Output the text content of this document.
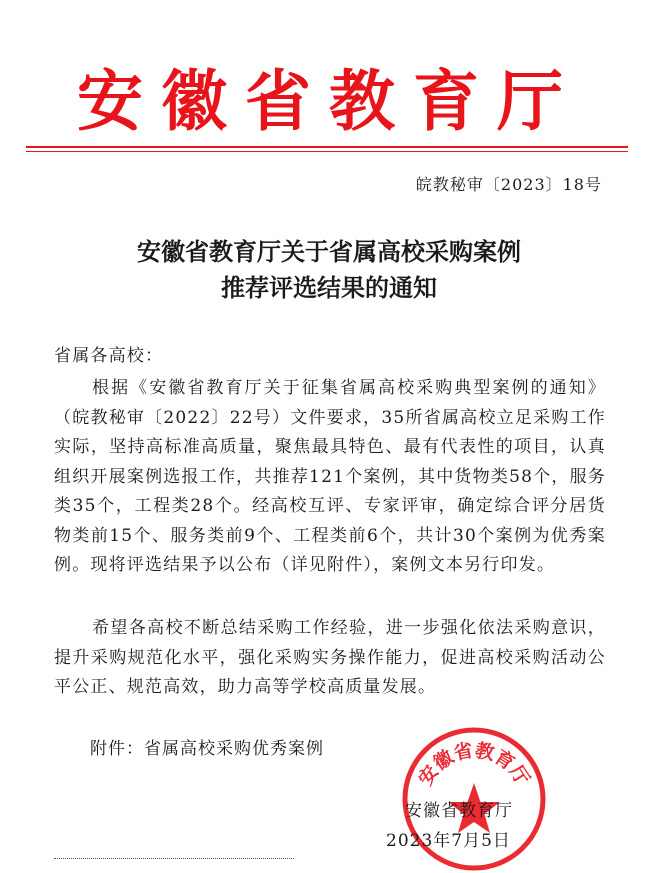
安徽省教育厅
皖教秘审〔2023〕18号
安徽省教育厅关于省属高校采购案例
推荐评选结果的通知

省属各高校：

根据《安徽省教育厅关于征集省属高校采购典型案例的通知》（皖教秘审〔2022〕22号）文件要求，35所省属高校立足采购工作实际，坚持高标准高质量，聚焦最具特色、最有代表性的项目，认真组织开展案例选报工作，共推荐121个案例，其中货物类58个，服务类35个，工程类28个。经高校互评、专家评审，确定综合评分居货物类前15个、服务类前9个、工程类前6个，共计30个案例为优秀案例。现将评选结果予以公布（详见附件），案例文本另行印发。

希望各高校不断总结采购工作经验，进一步强化依法采购意识，提升采购规范化水平，强化采购实务操作能力，促进高校采购活动公平公正、规范高效，助力高等学校高质量发展。

附件：省属高校采购优秀案例
安徽省教育厅
安徽省教育厅
2023年7月5日
